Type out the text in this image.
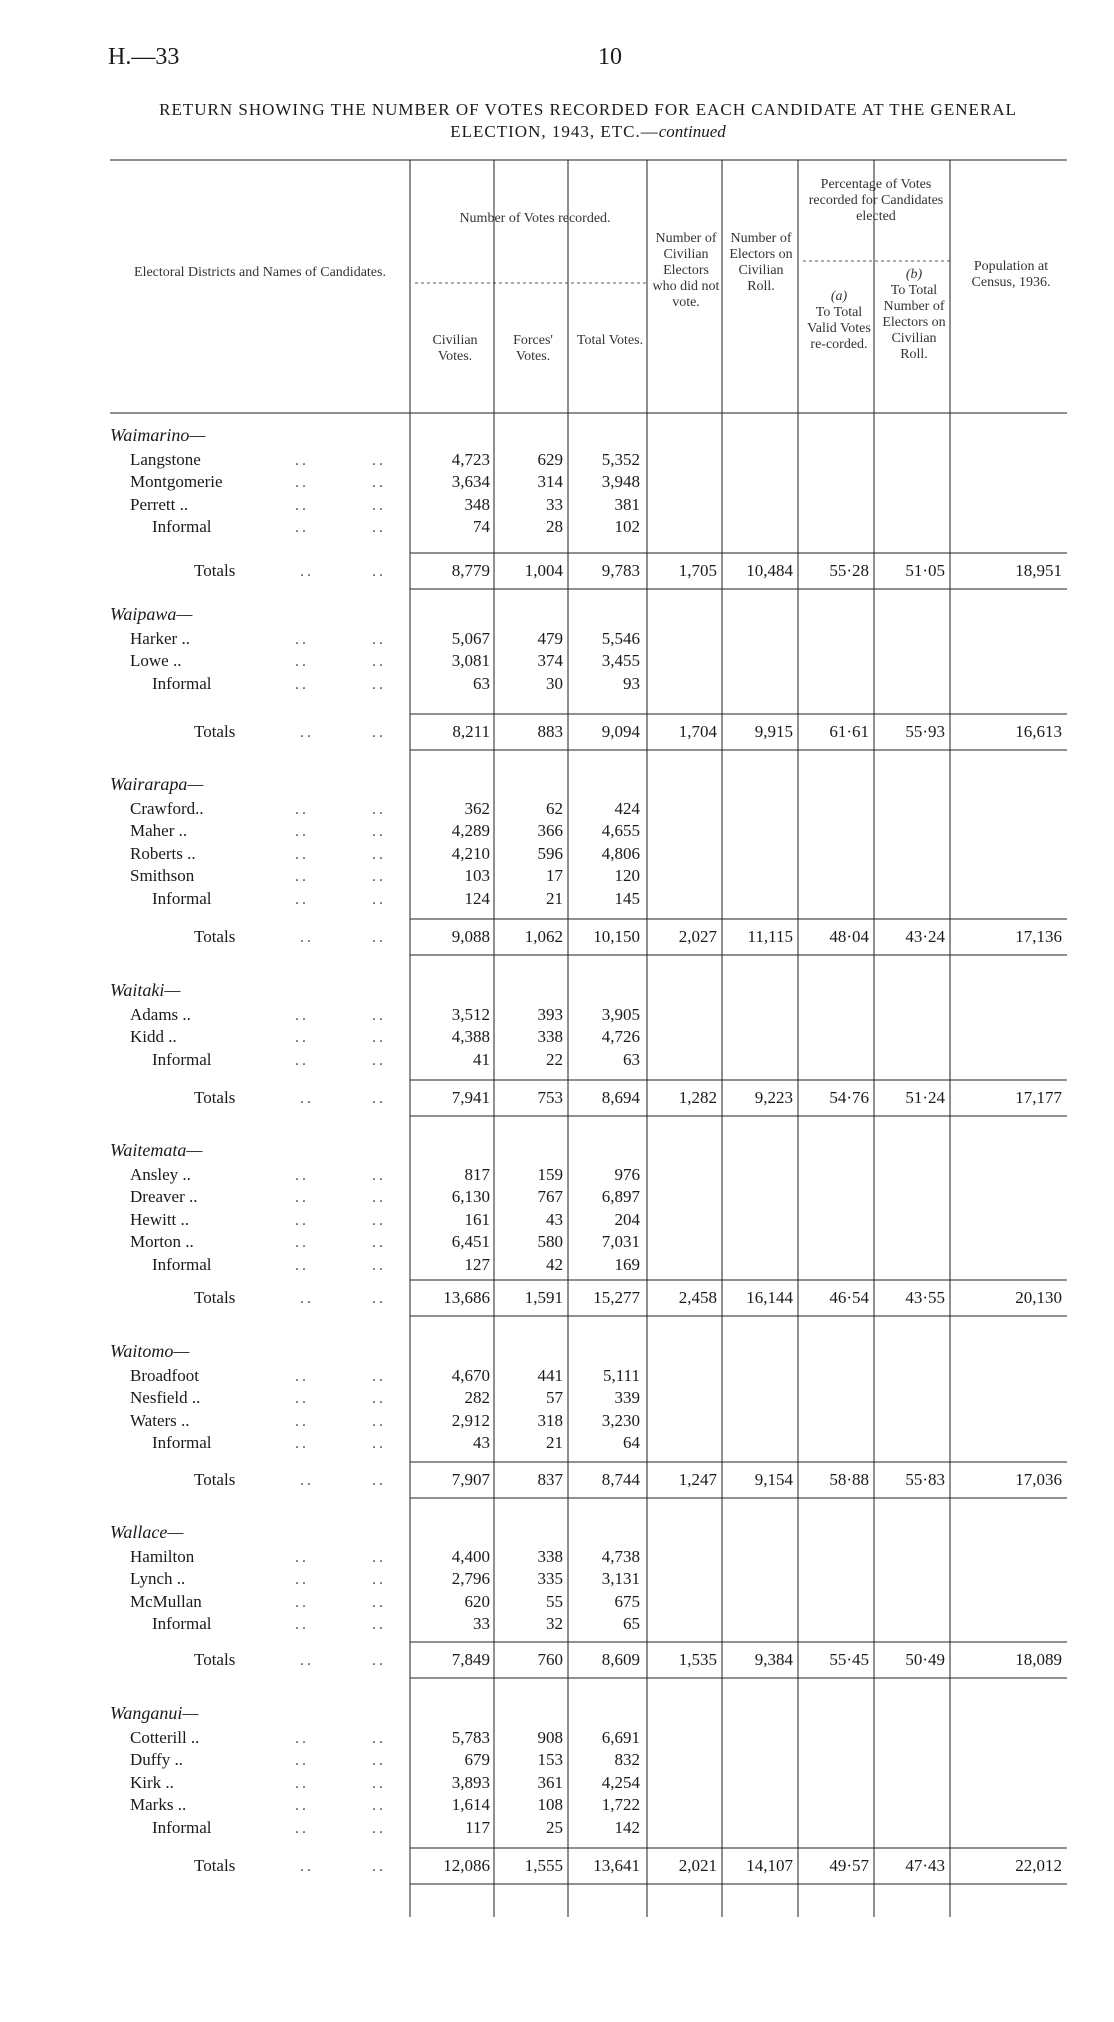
H.—33	10
RETURN SHOWING THE NUMBER OF VOTES RECORDED FOR EACH CANDIDATE AT THE GENERAL
ELECTION, 1943, ETC.—continued
Electoral Districts and Names of Candidates.
Number of Votes recorded.
Civilian Votes.
Forces' Votes.
Total Votes.
Number of Civilian Electors who did not vote.
Number of Electors on Civilian Roll.
Percentage of Votes recorded for Candidates elected
(a)
To Total Valid Votes re-corded.
(b)
To Total Number of Electors on Civilian Roll.
Population at Census, 1936.
Waimarino—
Langstone	..	..	4,723	629	5,352
Montgomerie	..	..	3,634	314	3,948
Perrett ..	..	..	348	33	381
Informal	..	..	74	28	102
Totals	..	..	8,779	1,004	9,783	1,705	10,484	55·28	51·05	18,951
Waipawa—
Harker ..	..	..	5,067	479	5,546
Lowe ..	..	..	3,081	374	3,455
Informal	..	..	63	30	93
Totals	..	..	8,211	883	9,094	1,704	9,915	61·61	55·93	16,613
Wairarapa—
Crawford..	..	..	362	62	424
Maher ..	..	..	4,289	366	4,655
Roberts ..	..	..	4,210	596	4,806
Smithson	..	..	103	17	120
Informal	..	..	124	21	145
Totals	..	..	9,088	1,062	10,150	2,027	11,115	48·04	43·24	17,136
Waitaki—
Adams ..	..	..	3,512	393	3,905
Kidd ..	..	..	4,388	338	4,726
Informal	..	..	41	22	63
Totals	..	..	7,941	753	8,694	1,282	9,223	54·76	51·24	17,177
Waitemata—
Ansley ..	..	..	817	159	976
Dreaver ..	..	..	6,130	767	6,897
Hewitt ..	..	..	161	43	204
Morton ..	..	..	6,451	580	7,031
Informal	..	..	127	42	169
Totals	..	..	13,686	1,591	15,277	2,458	16,144	46·54	43·55	20,130
Waitomo—
Broadfoot	..	..	4,670	441	5,111
Nesfield ..	..	..	282	57	339
Waters ..	..	..	2,912	318	3,230
Informal	..	..	43	21	64
Totals	..	..	7,907	837	8,744	1,247	9,154	58·88	55·83	17,036
Wallace—
Hamilton	..	..	4,400	338	4,738
Lynch ..	..	..	2,796	335	3,131
McMullan	..	..	620	55	675
Informal	..	..	33	32	65
Totals	..	..	7,849	760	8,609	1,535	9,384	55·45	50·49	18,089
Wanganui—
Cotterill ..	..	..	5,783	908	6,691
Duffy ..	..	..	679	153	832
Kirk ..	..	..	3,893	361	4,254
Marks ..	..	..	1,614	108	1,722
Informal	..	..	117	25	142
Totals	..	..	12,086	1,555	13,641	2,021	14,107	49·57	47·43	22,012
